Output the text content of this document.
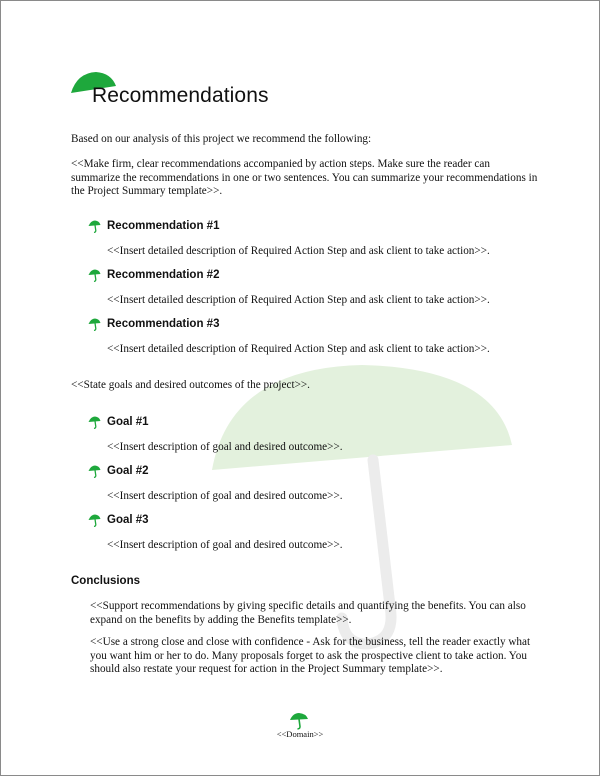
Recommendations
Based on our analysis of this project we recommend the following:
<<Make firm, clear recommendations accompanied by action steps. Make sure the reader can summarize the recommendations in one or two sentences. You can summarize your recommendations in the Project Summary template>>.
Recommendation #1
<<Insert detailed description of Required Action Step and ask client to take action>>.
Recommendation #2
<<Insert detailed description of Required Action Step and ask client to take action>>.
Recommendation #3
<<Insert detailed description of Required Action Step and ask client to take action>>.
<<State goals and desired outcomes of the project>>.
Goal #1
<<Insert description of goal and desired outcome>>.
Goal #2
<<Insert description of goal and desired outcome>>.
Goal #3
<<Insert description of goal and desired outcome>>.
Conclusions
<<Support recommendations by giving specific details and quantifying the benefits. You can also expand on the benefits by adding the Benefits template>>.
<<Use a strong close and close with confidence - Ask for the business, tell the reader exactly what you want him or her to do. Many proposals forget to ask the prospective client to take action. You should also restate your request for action in the Project Summary template>>.
<<Domain>>
